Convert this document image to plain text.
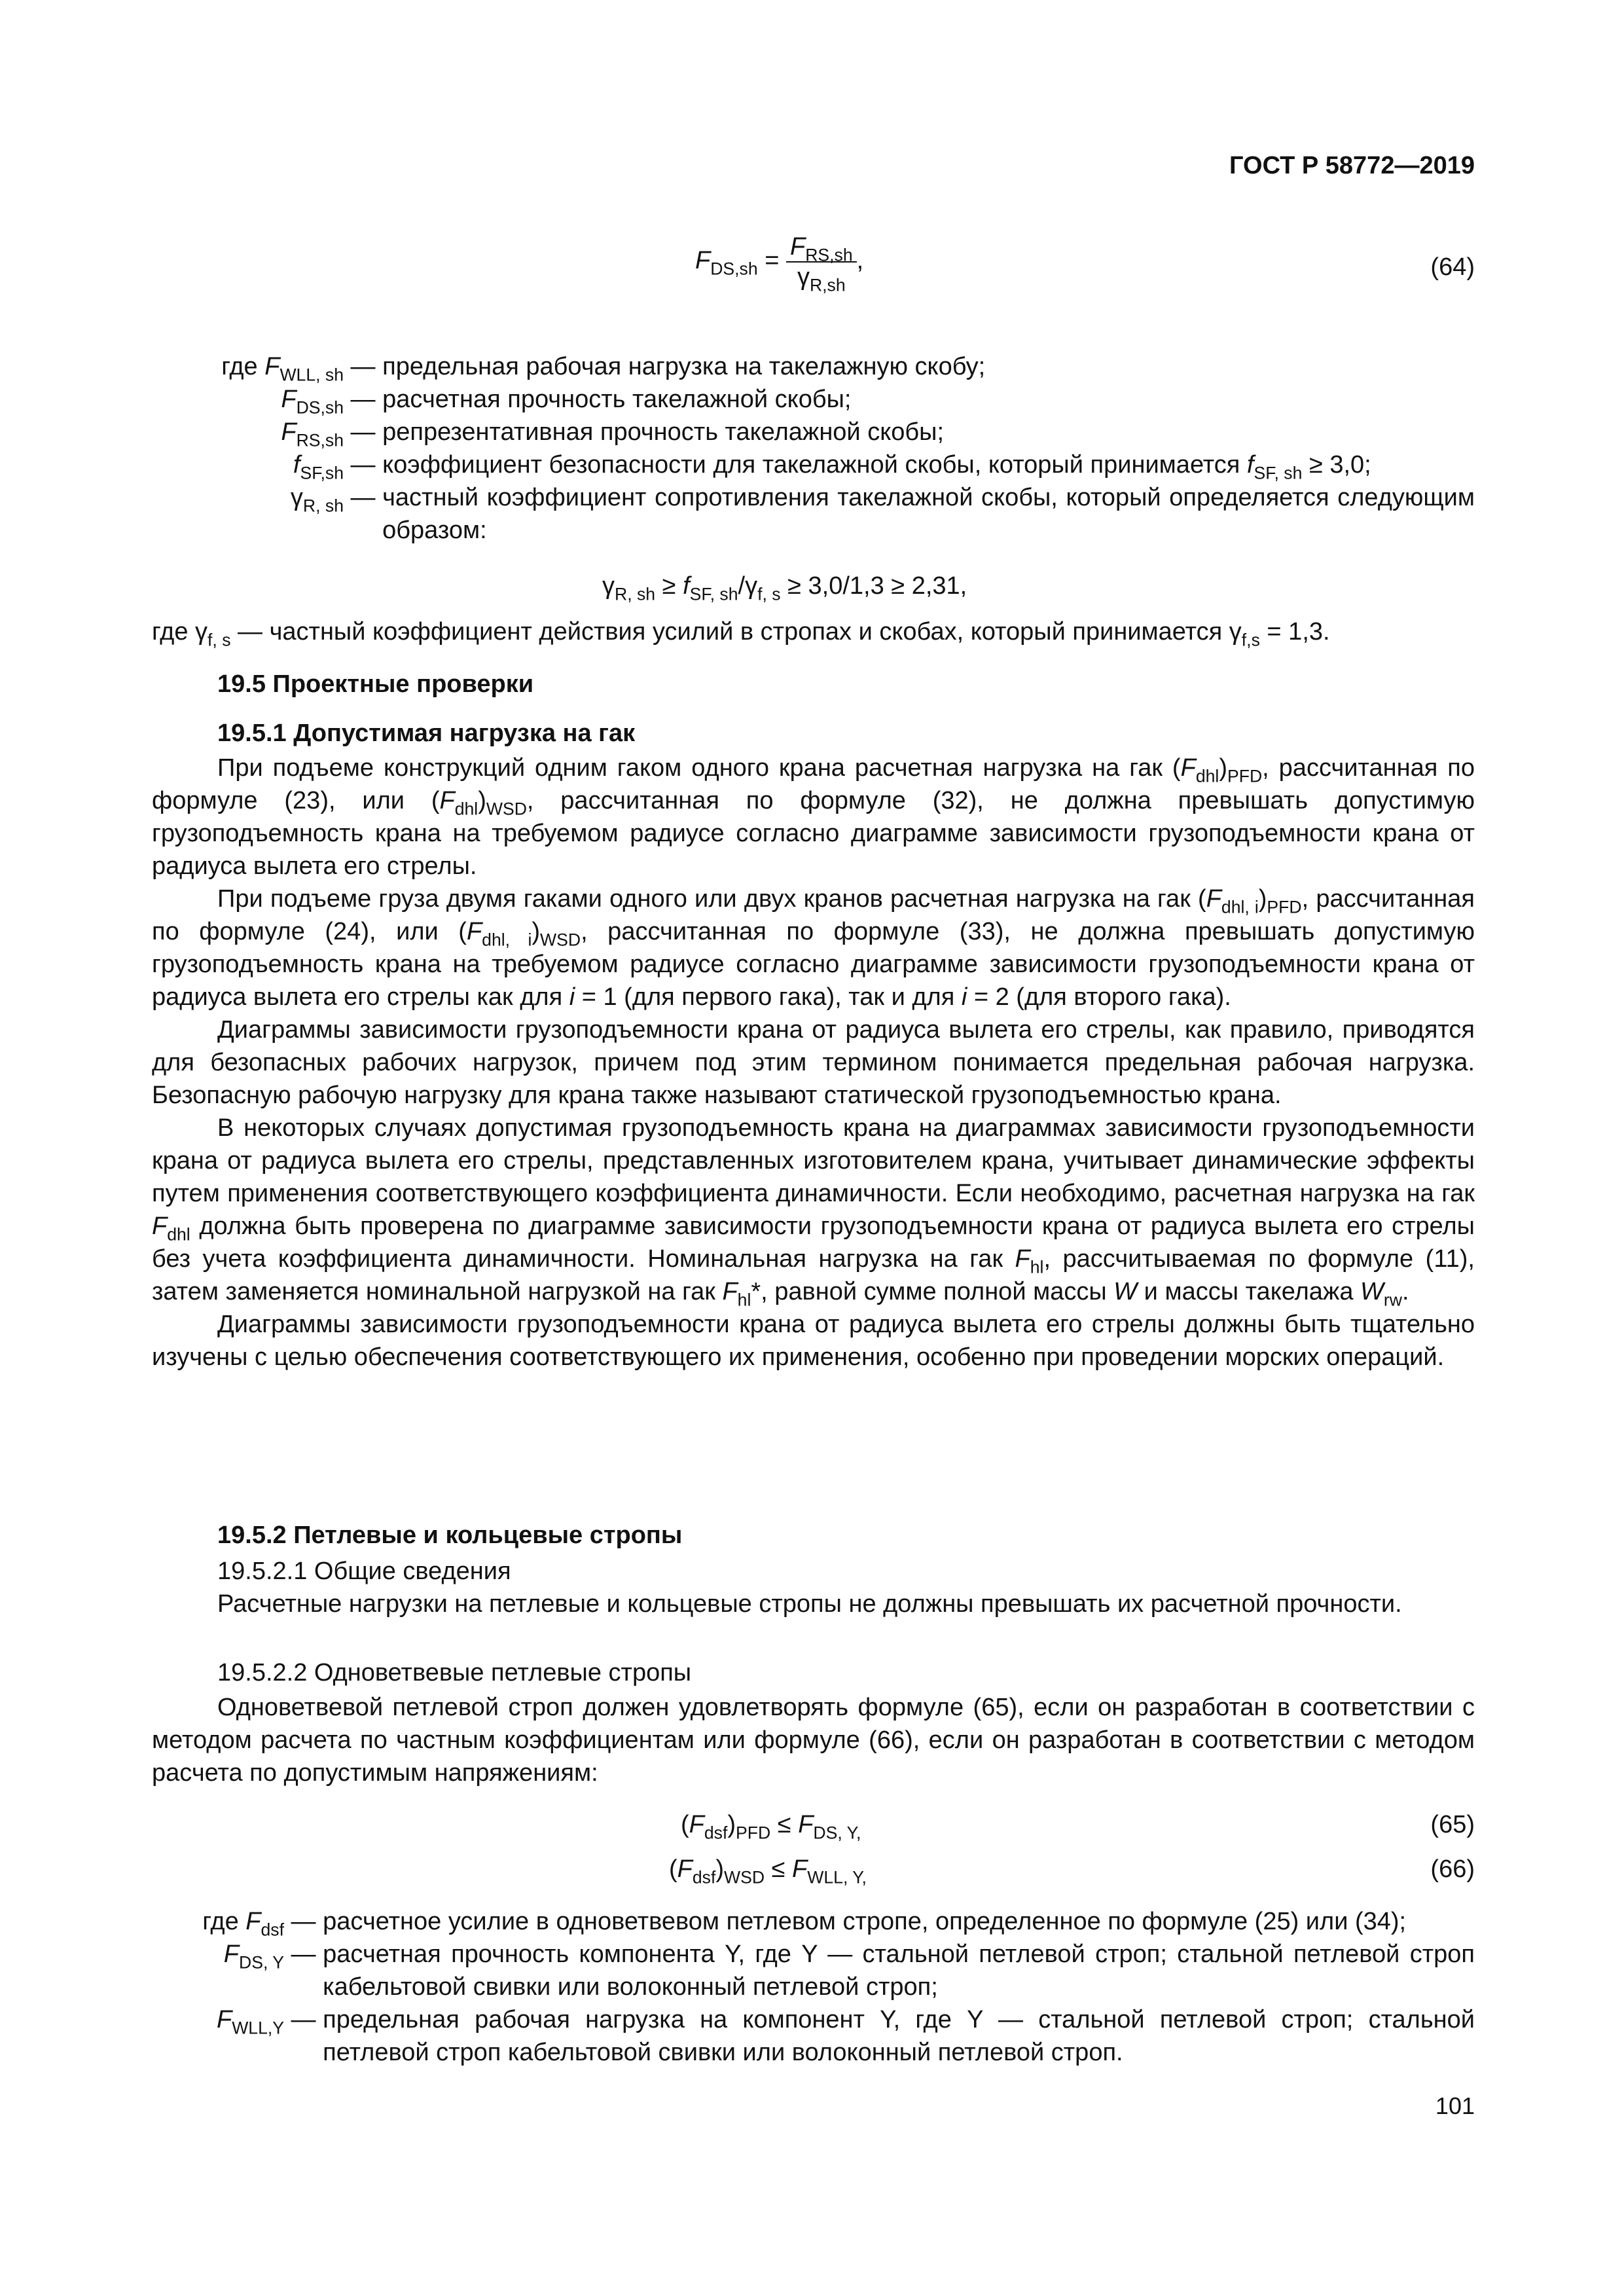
ГОСТ Р 58772—2019
$F_{DS,sh} = \frac{F_{RS,sh}}{\gamma_{R,sh}}$ ,	(64)
где $F_{WLL, sh}$ — предельная рабочая нагрузка на такелажную скобу;
$F_{DS,sh}$ — расчетная прочность такелажной скобы;
$F_{RS,sh}$ — репрезентативная прочность такелажной скобы;
$f_{SF,sh}$ — коэффициент безопасности для такелажной скобы, который принимается $f_{SF, sh} \ge 3,0$;
$\gamma_{R, sh}$ — частный коэффициент сопротивления такелажной скобы, который определяется следующим образом:
$\gamma_{R, sh} \ge f_{SF, sh}/\gamma_{f, s} \ge 3,0/1,3 \ge 2,31$,
где $\gamma_{f, s}$ — частный коэффициент действия усилий в стропах и скобах, который принимается $\gamma_{f,s} = 1,3$.
19.5 Проектные проверки
19.5.1 Допустимая нагрузка на гак

При подъеме конструкций одним гаком одного крана расчетная нагрузка на гак $(F_{dhl})_{PFD}$, рассчитанная по формуле (23), или $(F_{dhl})_{WSD}$, рассчитанная по формуле (32), не должна превышать допустимую грузоподъемность крана на требуемом радиусе согласно диаграмме зависимости грузоподъемности крана от радиуса вылета его стрелы.

При подъеме груза двумя гаками одного или двух кранов расчетная нагрузка на гак $(F_{dhl, i})_{PFD}$, рассчитанная по формуле (24), или $(F_{dhl, i})_{WSD}$, рассчитанная по формуле (33), не должна превышать допустимую грузоподъемность крана на требуемом радиусе согласно диаграмме зависимости грузоподъемности крана от радиуса вылета его стрелы как для i = 1 (для первого гака), так и для i = 2 (для второго гака).

Диаграммы зависимости грузоподъемности крана от радиуса вылета его стрелы, как правило, приводятся для безопасных рабочих нагрузок, причем под этим термином понимается предельная рабочая нагрузка. Безопасную рабочую нагрузку для крана также называют статической грузоподъемностью крана.

В некоторых случаях допустимая грузоподъемность крана на диаграммах зависимости грузоподъемности крана от радиуса вылета его стрелы, представленных изготовителем крана, учитывает динамические эффекты путем применения соответствующего коэффициента динамичности. Если необходимо, расчетная нагрузка на гак $F_{dhl}$ должна быть проверена по диаграмме зависимости грузоподъемности крана от радиуса вылета его стрелы без учета коэффициента динамичности. Номинальная нагрузка на гак $F_{hl}$, рассчитываемая по формуле (11), затем заменяется номинальной нагрузкой на гак $F_{hl}*$, равной сумме полной массы W и массы такелажа $W_{rw}$.

Диаграммы зависимости грузоподъемности крана от радиуса вылета его стрелы должны быть тщательно изучены с целью обеспечения соответствующего их применения, особенно при проведении морских операций.

19.5.2 Петлевые и кольцевые стропы
19.5.2.1 Общие сведения

Расчетные нагрузки на петлевые и кольцевые стропы не должны превышать их расчетной прочности.

19.5.2.2 Одноветвевые петлевые стропы

Одноветвевой петлевой строп должен удовлетворять формуле (65), если он разработан в соответствии с методом расчета по частным коэффициентам или формуле (66), если он разработан в соответствии с методом расчета по допустимым напряжениям:

$(F_{dsf})_{PFD} \le F_{DS, Y,}$	(65)
$(F_{dsf})_{WSD} \le F_{WLL, Y,}$	(66)
где $F_{dsf}$ — расчетное усилие в одноветвевом петлевом стропе, определенное по формуле (25) или (34);
$F_{DS, Y}$ — расчетная прочность компонента Y, где Y — стальной петлевой строп; стальной петлевой строп кабельтовой свивки или волоконный петлевой строп;
$F_{WLL,Y}$ — предельная рабочая нагрузка на компонент Y, где Y — стальной петлевой строп; стальной петлевой строп кабельтовой свивки или волоконный петлевой строп.
101
